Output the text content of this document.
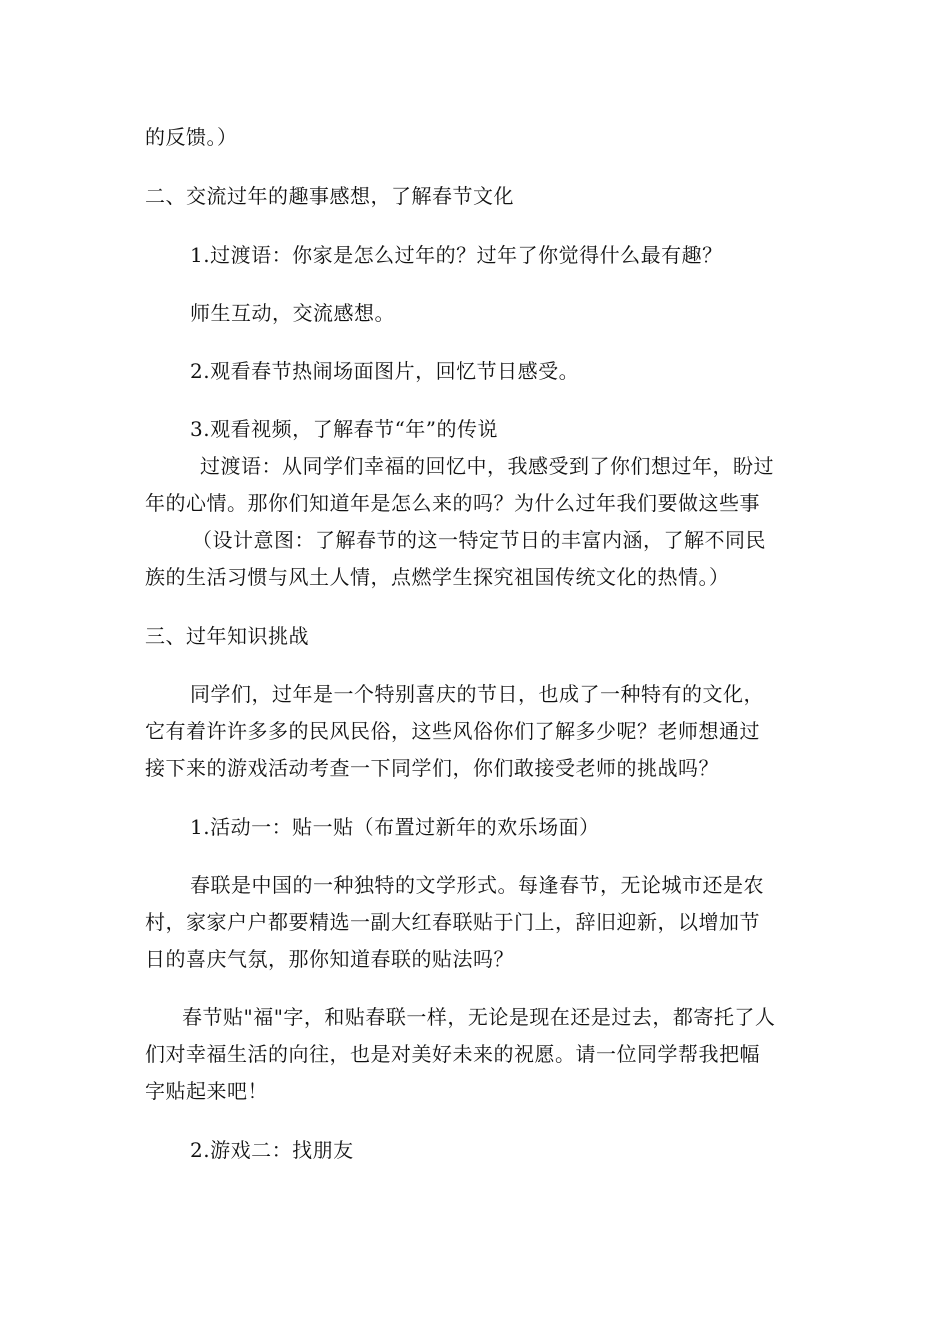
的反馈。）
二、交流过年的趣事感想，了解春节文化
1.过渡语：你家是怎么过年的？过年了你觉得什么最有趣？
师生互动，交流感想。
2.观看春节热闹场面图片，回忆节日感受。
3.观看视频，了解春节“年”的传说
过渡语：从同学们幸福的回忆中，我感受到了你们想过年，盼过
年的心情。那你们知道年是怎么来的吗？为什么过年我们要做这些事
（设计意图：了解春节的这一特定节日的丰富内涵，了解不同民
族的生活习惯与风土人情，点燃学生探究祖国传统文化的热情。）
三、过年知识挑战
同学们，过年是一个特别喜庆的节日，也成了一种特有的文化，
它有着许许多多的民风民俗，这些风俗你们了解多少呢？老师想通过
接下来的游戏活动考查一下同学们，你们敢接受老师的挑战吗？
1.活动一：贴一贴（布置过新年的欢乐场面）
春联是中国的一种独特的文学形式。每逢春节，无论城市还是农
村，家家户户都要精选一副大红春联贴于门上，辞旧迎新，以增加节
日的喜庆气氛，那你知道春联的贴法吗？
春节贴"福"字，和贴春联一样，无论是现在还是过去，都寄托了人
们对幸福生活的向往，也是对美好未来的祝愿。请一位同学帮我把幅
字贴起来吧！
2.游戏二：找朋友
